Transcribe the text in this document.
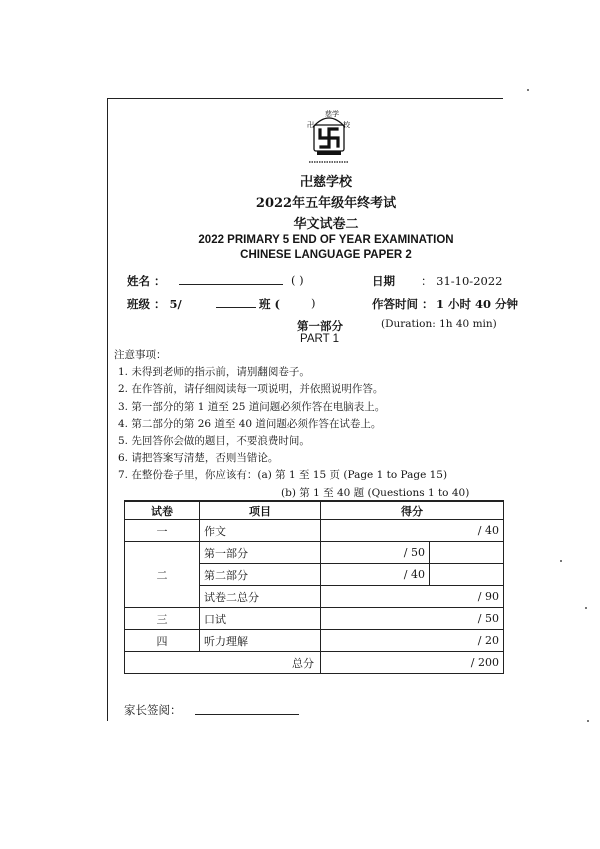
慈学
卍	校
卍慈学校
2022年五年级年终考试
华文试卷二
2022 PRIMARY 5 END OF YEAR EXAMINATION
CHINESE LANGUAGE PAPER 2
姓名 ：	( )	日期 ： 31-10-2022
班级 ： 5/	班 (	)	作答时间 ： 1 小时 40 分钟
第一部分	(Duration: 1h 40 min)
PART 1
注意事项：
1. 未得到老师的指示前，请别翻阅卷子。
2. 在作答前，请仔细阅读每一项说明，并依照说明作答。
3. 第一部分的第 1 道至 25 道问题必须作答在电脑表上。
4. 第二部分的第 26 道至 40 道问题必须作答在试卷上。
5. 先回答你会做的题目，不要浪费时间。
6. 请把答案写清楚，否则当错论。
7. 在整份卷子里，你应该有：(a) 第 1 至 15 页 (Page 1 to Page 15)
(b) 第 1 至 40 题 (Questions 1 to 40)
试卷	项目	得分	
一	作文	/ 40	
二	第一部分	/ 50	
	第二部分	/ 40	
	试卷二总分	/ 90	
三	口试	/ 50	
四	听力理解	/ 20	
总分		/ 200	
家长签阅：
